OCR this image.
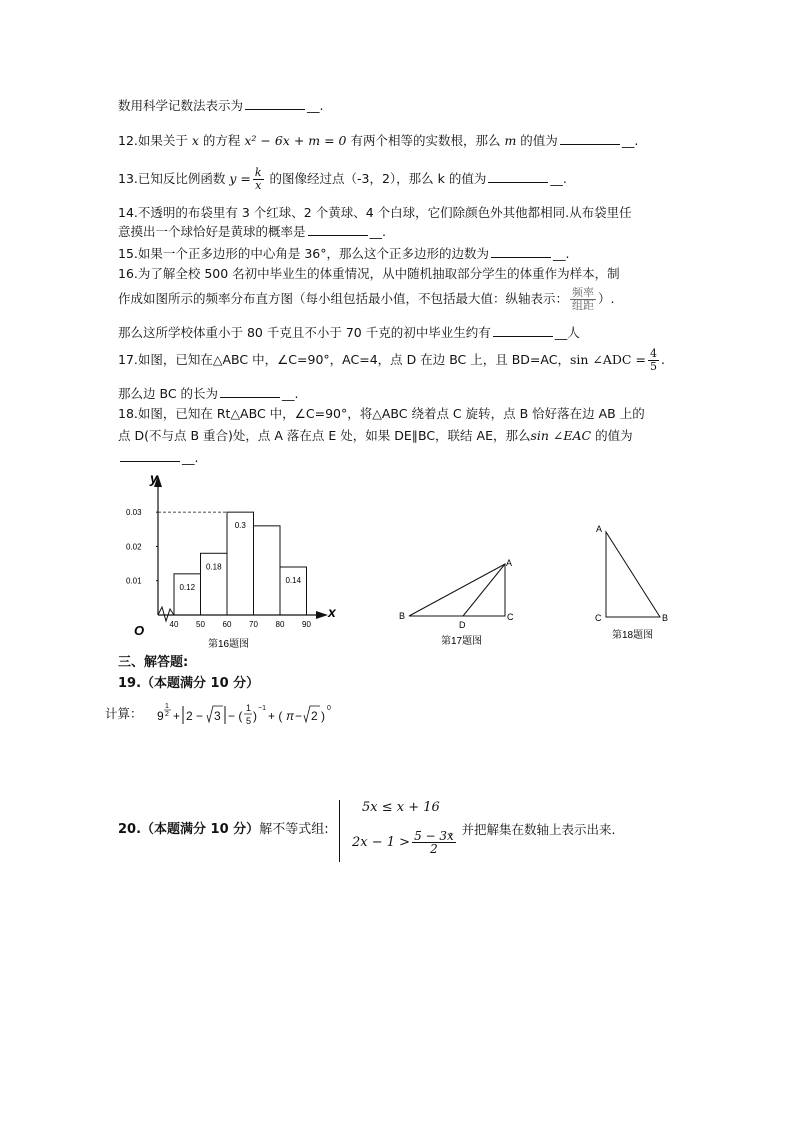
数用科学记数法表示为	__.
12.如果关于 x 的方程 x² − 6x + m = 0 有两个相等的实数根，那么 m 的值为	__.
13.已知反比例函数 $y = \frac{k}{x}$ 的图像经过点（-3，2），那么 k 的值为	__.
14.不透明的布袋里有 3 个红球、2 个黄球、4 个白球，它们除颜色外其他都相同.从布袋里任
意摸出一个球恰好是黄球的概率是	__.
15.如果一个正多边形的中心角是 36°，那么这个正多边形的边数为	__.
16.为了解全校 500 名初中毕业生的体重情况，从中随机抽取部分学生的体重作为样本，制
作成如图所示的频率分布直方图（每小组包括最小值，不包括最大值：纵轴表示： $\frac{\text{频率}}{\text{组距}}$ ）.
那么这所学校体重小于 80 千克且不小于 70 千克的初中毕业生约有	__人
17.如图，已知在△ABC 中，∠C=90°，AC=4，点 D 在边 BC 上，且 BD=AC，sin ∠ADC = $\frac{4}{5}$ .
那么边 BC 的长为	__.
18.如图，已知在 Rt△ABC 中，∠C=90°，将△ABC 绕着点 C 旋转，点 B 恰好落在边 AB 上的
点 D(不与点 B 重合)处，点 A 落在点 E 处，如果 DE∥BC，联结 AE，那么sin ∠EAC 的值为
__.
y
x
O
第16题图
0.01
0.02
0.03
0.12
0.18
0.3
0.14
40 50 60 70 80 90
A
B	C
D
第17题图
A
C	B
第18题图
三、解答题:
19.（本题满分 10 分）
计算： 9
1
2 + 2 − 3 − (
1
5 )
−1
+ ( π − 2 )
0
20.（本题满分 10 分）解不等式组:
5x ≤ x + 16
$2x - 1 > \frac{5 - 3x}{2}$
，并把解集在数轴上表示出来.
